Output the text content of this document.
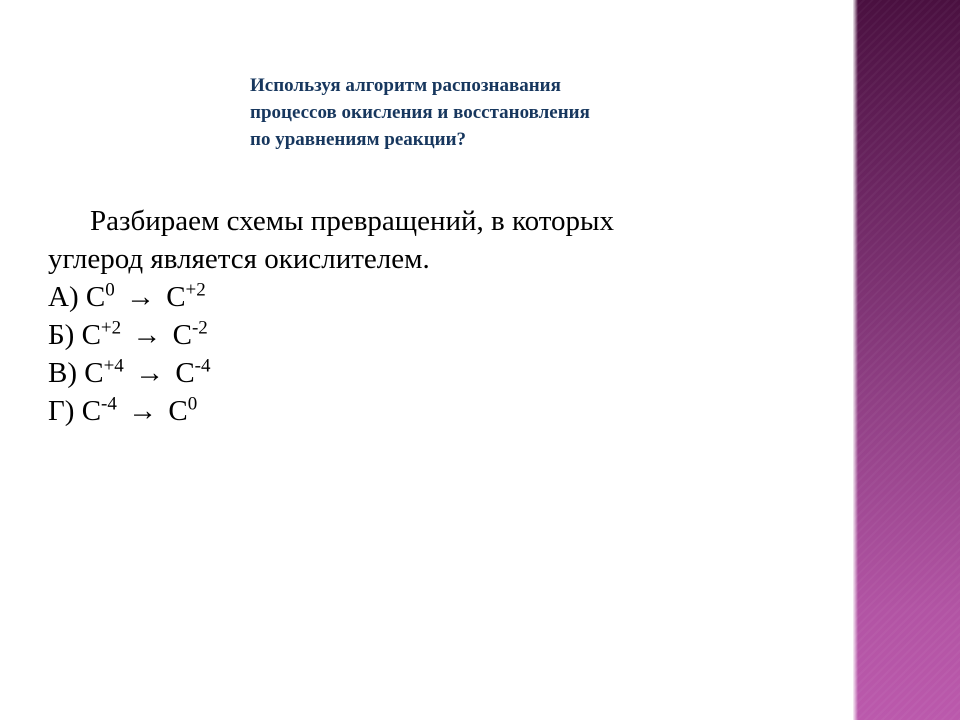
Используя алгоритм распознавания
процессов окисления и восстановления
по уравнениям реакции?
Разбираем схемы превращений, в которых
углерод является окислителем.
А) $C^0 \to C^{+2}$
Б) $C^{+2} \to C^{-2}$
В) $C^{+4} \to C^{-4}$
Г) $C^{-4} \to C^0$
